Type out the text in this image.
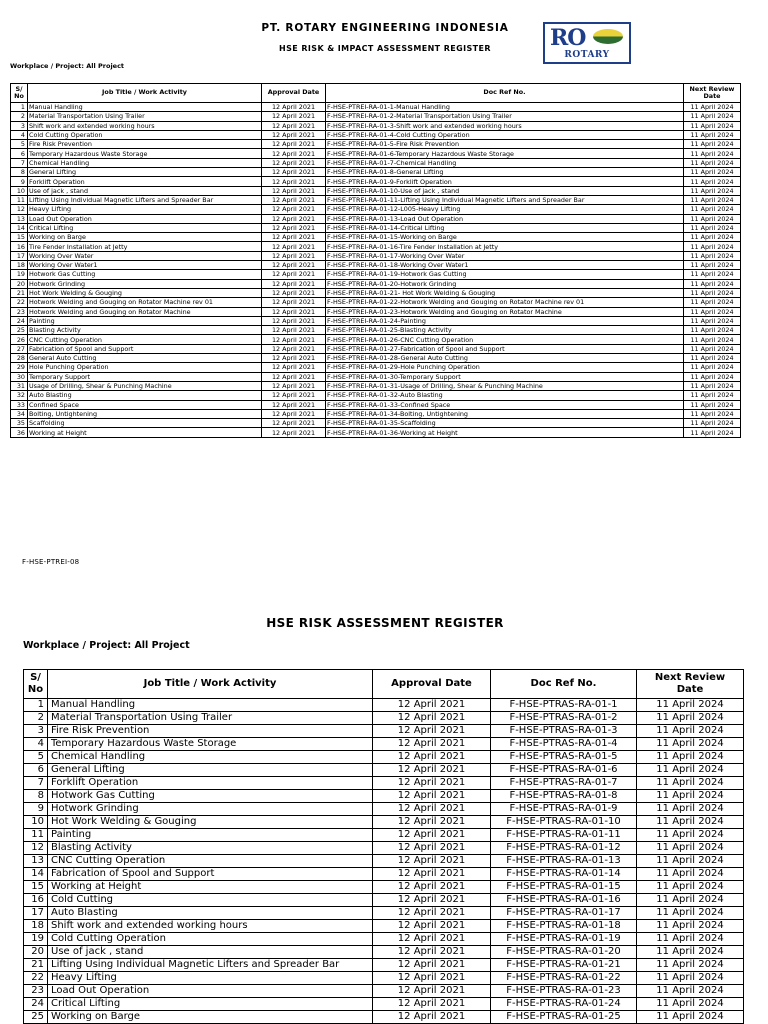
PT. ROTARY ENGINEERING INDONESIA
HSE RISK & IMPACT ASSESSMENT REGISTER
Workplace / Project: All Project
RO
ROTARY
S/ No	Job Title / Work Activity	Approval Date	Doc Ref No.	Next Review Date
1	Manual Handling	12 April 2021	F-HSE-PTREI-RA-01-1-Manual Handling	11 April 2024
2	Material Transportation Using Trailer	12 April 2021	F-HSE-PTREI-RA-01-2-Material Transportation Using Trailer	11 April 2024
3	Shift work and extended working hours	12 April 2021	F-HSE-PTREI-RA-01-3-Shift work and extended working hours	11 April 2024
4	Cold Cutting Operation	12 April 2021	F-HSE-PTREI-RA-01-4-Cold Cutting Operation	11 April 2024
5	Fire Risk Prevention	12 April 2021	F-HSE-PTREI-RA-01-5-Fire Risk Prevention	11 April 2024
6	Temporary Hazardous Waste Storage	12 April 2021	F-HSE-PTREI-RA-01-6-Temporary Hazardous Waste Storage	11 April 2024
7	Chemical Handling	12 April 2021	F-HSE-PTREI-RA-01-7-Chemical Handling	11 April 2024
8	General Lifting	12 April 2021	F-HSE-PTREI-RA-01-8-General Lifting	11 April 2024
9	Forklift Operation	12 April 2021	F-HSE-PTREI-RA-01-9-Forklift Operation	11 April 2024
10	Use of jack , stand	12 April 2021	F-HSE-PTREI-RA-01-10-Use of jack , stand	11 April 2024
11	Lifting Using Individual Magnetic Lifters and Spreader Bar	12 April 2021	F-HSE-PTREI-RA-01-11-Lifting Using Individual Magnetic Lifters and Spreader Bar	11 April 2024
12	Heavy Lifting	12 April 2021	F-HSE-PTREI-RA-01-12-L005-Heavy Lifting	11 April 2024
13	Load Out Operation	12 April 2021	F-HSE-PTREI-RA-01-13-Load Out Operation	11 April 2024
14	Critical Lifting	12 April 2021	F-HSE-PTREI-RA-01-14-Critical Lifting	11 April 2024
15	Working on Barge	12 April 2021	F-HSE-PTREI-RA-01-15-Working on Barge	11 April 2024
16	Tire Fender Installation at Jetty	12 April 2021	F-HSE-PTREI-RA-01-16-Tire Fender Installation at Jetty	11 April 2024
17	Working Over Water	12 April 2021	F-HSE-PTREI-RA-01-17-Working Over Water	11 April 2024
18	Working Over Water1	12 April 2021	F-HSE-PTREI-RA-01-18-Working Over Water1	11 April 2024
19	Hotwork Gas Cutting	12 April 2021	F-HSE-PTREI-RA-01-19-Hotwork Gas Cutting	11 April 2024
20	Hotwork Grinding	12 April 2021	F-HSE-PTREI-RA-01-20-Hotwork Grinding	11 April 2024
21	Hot Work Welding & Gouging	12 April 2021	F-HSE-PTREI-RA-01-21- Hot Work Welding & Gouging	11 April 2024
22	Hotwork Welding and Gouging on Rotator Machine rev 01	12 April 2021	F-HSE-PTREI-RA-01-22-Hotwork Welding and Gouging on Rotator Machine rev 01	11 April 2024
23	Hotwork Welding and Gouging on Rotator Machine	12 April 2021	F-HSE-PTREI-RA-01-23-Hotwork Welding and Gouging on Rotator Machine	11 April 2024
24	Painting	12 April 2021	F-HSE-PTREI-RA-01-24-Painting	11 April 2024
25	Blasting Activity	12 April 2021	F-HSE-PTREI-RA-01-25-Blasting Activity	11 April 2024
26	CNC Cutting Operation	12 April 2021	F-HSE-PTREI-RA-01-26-CNC Cutting Operation	11 April 2024
27	Fabrication of Spool and Support	12 April 2021	F-HSE-PTREI-RA-01-27-Fabrication of Spool and Support	11 April 2024
28	General Auto Cutting	12 April 2021	F-HSE-PTREI-RA-01-28-General Auto Cutting	11 April 2024
29	Hole Punching Operation	12 April 2021	F-HSE-PTREI-RA-01-29-Hole Punching Operation	11 April 2024
30	Temporary Support	12 April 2021	F-HSE-PTREI-RA-01-30-Temporary Support	11 April 2024
31	Usage of Drilling, Shear & Punching Machine	12 April 2021	F-HSE-PTREI-RA-01-31-Usage of Drilling, Shear & Punching Machine	11 April 2024
32	Auto Blasting	12 April 2021	F-HSE-PTREI-RA-01-32-Auto Blasting	11 April 2024
33	Confined Space	12 April 2021	F-HSE-PTREI-RA-01-33-Confined Space	11 April 2024
34	Bolting, Untightening	12 April 2021	F-HSE-PTREI-RA-01-34-Bolting, Untightening	11 April 2024
35	Scaffolding	12 April 2021	F-HSE-PTREI-RA-01-35-Scaffolding	11 April 2024
36	Working at Height	12 April 2021	F-HSE-PTREI-RA-01-36-Working at Height	11 April 2024
F-HSE-PTREI-08
HSE RISK ASSESSMENT REGISTER
Workplace / Project: All Project
S/ No	Job Title / Work Activity	Approval Date	Doc Ref No.	Next Review Date
1	Manual Handling	12 April 2021	F-HSE-PTRAS-RA-01-1	11 April 2024
2	Material Transportation Using Trailer	12 April 2021	F-HSE-PTRAS-RA-01-2	11 April 2024
3	Fire Risk Prevention	12 April 2021	F-HSE-PTRAS-RA-01-3	11 April 2024
4	Temporary Hazardous Waste Storage	12 April 2021	F-HSE-PTRAS-RA-01-4	11 April 2024
5	Chemical Handling	12 April 2021	F-HSE-PTRAS-RA-01-5	11 April 2024
6	General Lifting	12 April 2021	F-HSE-PTRAS-RA-01-6	11 April 2024
7	Forklift Operation	12 April 2021	F-HSE-PTRAS-RA-01-7	11 April 2024
8	Hotwork Gas Cutting	12 April 2021	F-HSE-PTRAS-RA-01-8	11 April 2024
9	Hotwork Grinding	12 April 2021	F-HSE-PTRAS-RA-01-9	11 April 2024
10	Hot Work Welding & Gouging	12 April 2021	F-HSE-PTRAS-RA-01-10	11 April 2024
11	Painting	12 April 2021	F-HSE-PTRAS-RA-01-11	11 April 2024
12	Blasting Activity	12 April 2021	F-HSE-PTRAS-RA-01-12	11 April 2024
13	CNC Cutting Operation	12 April 2021	F-HSE-PTRAS-RA-01-13	11 April 2024
14	Fabrication of Spool and Support	12 April 2021	F-HSE-PTRAS-RA-01-14	11 April 2024
15	Working at Height	12 April 2021	F-HSE-PTRAS-RA-01-15	11 April 2024
16	Cold Cutting	12 April 2021	F-HSE-PTRAS-RA-01-16	11 April 2024
17	Auto Blasting	12 April 2021	F-HSE-PTRAS-RA-01-17	11 April 2024
18	Shift work and extended working hours	12 April 2021	F-HSE-PTRAS-RA-01-18	11 April 2024
19	Cold Cutting Operation	12 April 2021	F-HSE-PTRAS-RA-01-19	11 April 2024
20	Use of jack , stand	12 April 2021	F-HSE-PTRAS-RA-01-20	11 April 2024
21	Lifting Using Individual Magnetic Lifters and Spreader Bar	12 April 2021	F-HSE-PTRAS-RA-01-21	11 April 2024
22	Heavy Lifting	12 April 2021	F-HSE-PTRAS-RA-01-22	11 April 2024
23	Load Out Operation	12 April 2021	F-HSE-PTRAS-RA-01-23	11 April 2024
24	Critical Lifting	12 April 2021	F-HSE-PTRAS-RA-01-24	11 April 2024
25	Working on Barge	12 April 2021	F-HSE-PTRAS-RA-01-25	11 April 2024
